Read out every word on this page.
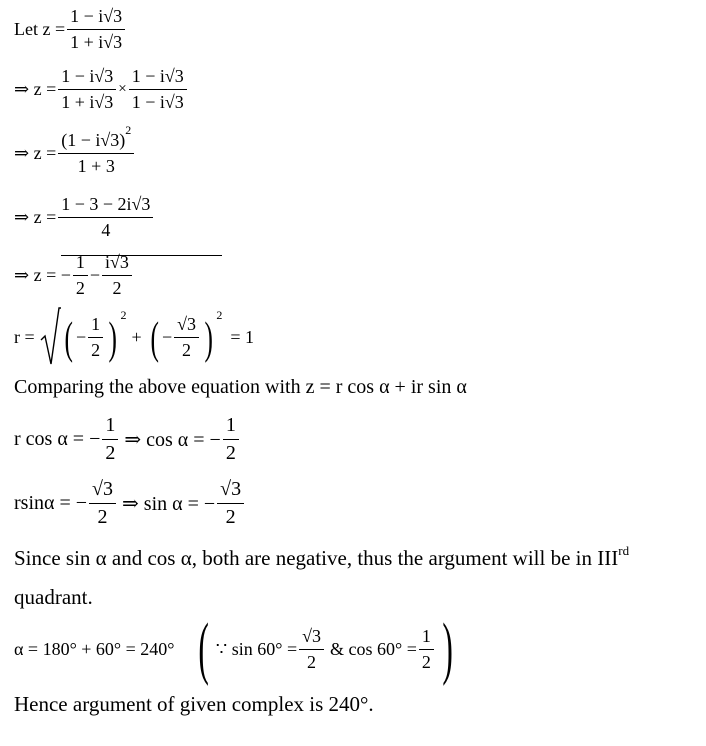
Let $z = \frac{1 - i√3}{1 + i√3}$
⇒ $z = \frac{1 - i√3}{1 + i√3} \times \frac{1 - i√3}{1 - i√3}$
⇒ $z = \frac{(1 - i√3)^2}{1 + 3}$
⇒ $z = \frac{1 - 3 - 2i√3}{4}$
⇒ z = − $\frac{1}{2} - \frac{i√3}{2}$
r = ( − $\frac{1}{2}$ ) 2
+ ( − $\frac{√3}{2}$ ) 2
= 1
Comparing the above equation with z = r cos α + ir sin α
r cos α = − $\frac{1}{2}$ ⇒ cos α = − $\frac{1}{2}$
rsinα = − $\frac{√3}{2}$ ⇒ sin α = − $\frac{√3}{2}$
Since sin α and cos α, both are negative, thus the argument will be in IIIrd
quadrant.
α = 180° + 60° = 240° ( ∵ $\sin 60^\circ = \frac{√3}{2}$ & $\cos 60^\circ = \frac{1}{2}$ )
Hence argument of given complex is 240°.
